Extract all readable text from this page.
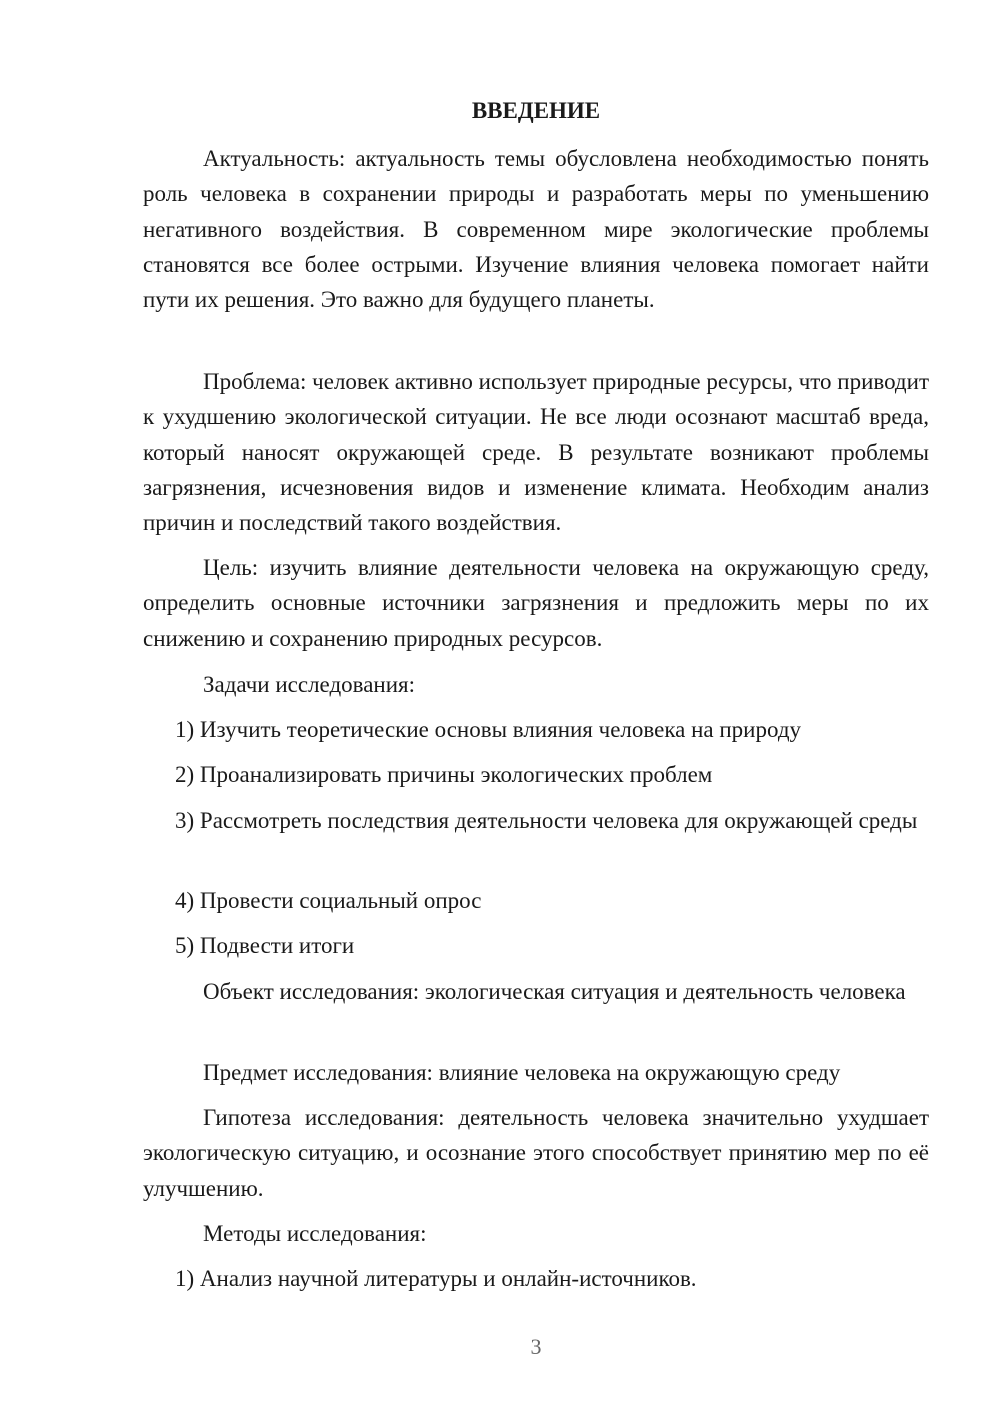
ВВЕДЕНИЕ

Актуальность: актуальность темы обусловлена необходимостью понять роль человека в сохранении природы и разработать меры по уменьшению негативного воздействия. В современном мире экологические проблемы становятся все более острыми. Изучение влияния человека помогает найти пути их решения. Это важно для будущего планеты.

Проблема: человек активно использует природные ресурсы, что приводит к ухудшению экологической ситуации. Не все люди осознают масштаб вреда, который наносят окружающей среде. В результате возникают проблемы загрязнения, исчезновения видов и изменение климата. Необходим анализ причин и последствий такого воздействия.

Цель: изучить влияние деятельности человека на окружающую среду, определить основные источники загрязнения и предложить меры по их снижению и сохранению природных ресурсов.

Задачи исследования:

1) Изучить теоретические основы влияния человека на природу

2) Проанализировать причины экологических проблем

3) Рассмотреть последствия деятельности человека для окружающей среды

4) Провести социальный опрос

5) Подвести итоги

Объект исследования: экологическая ситуация и деятельность человека

Предмет исследования: влияние человека на окружающую среду

Гипотеза исследования: деятельность человека значительно ухудшает экологическую ситуацию, и осознание этого способствует принятию мер по её улучшению.

Методы исследования:

1) Анализ научной литературы и онлайн-источников.

3
